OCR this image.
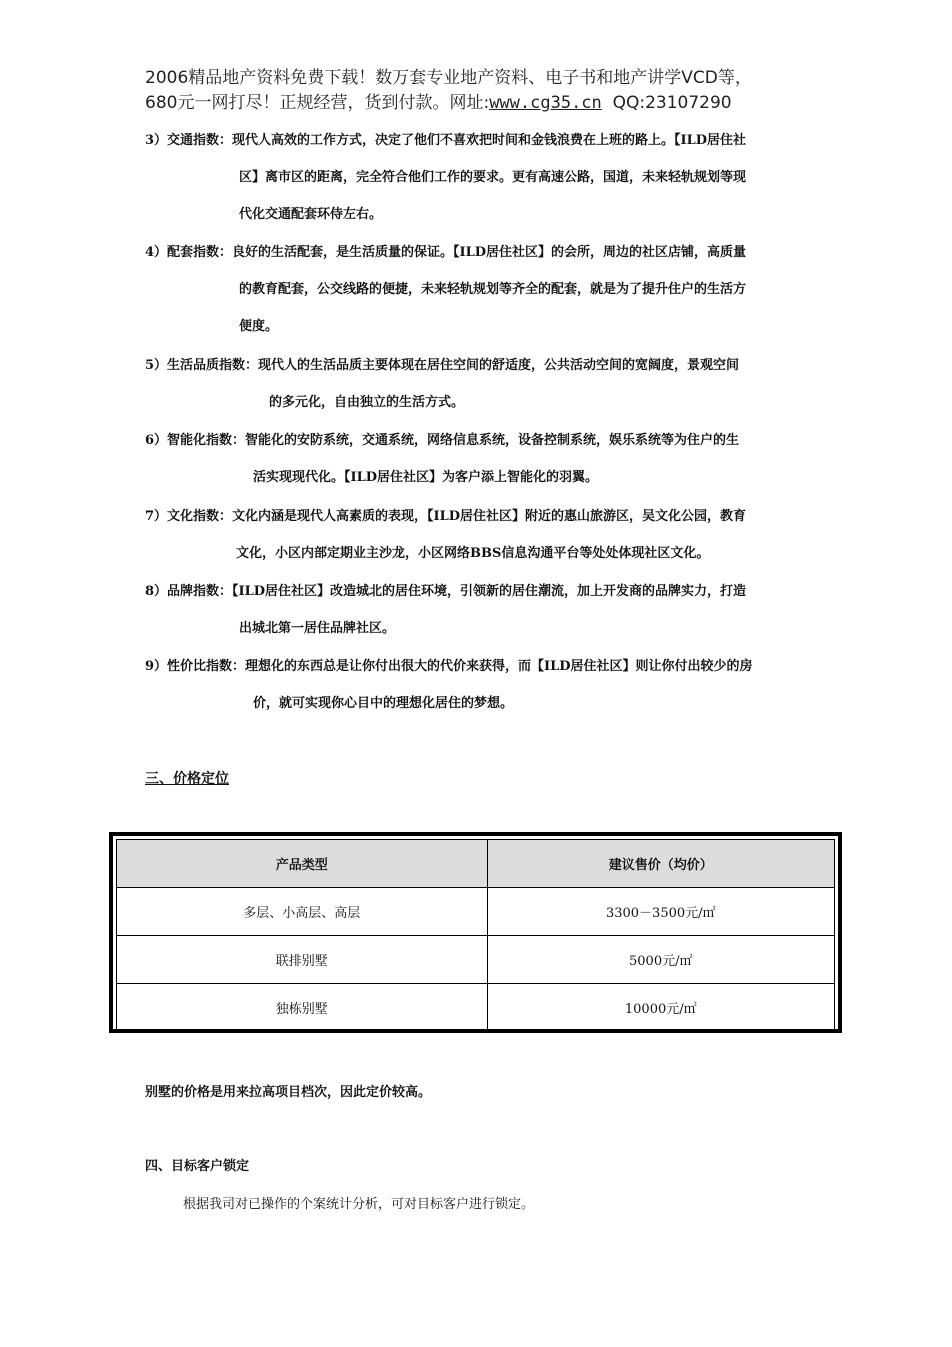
2006精品地产资料免费下载！数万套专业地产资料、电子书和地产讲学VCD等，
680元一网打尽！正规经营，货到付款。网址:www.cg35.cn QQ:23107290
3）交通指数：现代人高效的工作方式，决定了他们不喜欢把时间和金钱浪费在上班的路上。【ILD居住社
区】离市区的距离，完全符合他们工作的要求。更有高速公路，国道，未来轻轨规划等现
代化交通配套环侍左右。
4）配套指数：良好的生活配套，是生活质量的保证。【ILD居住社区】的会所，周边的社区店铺，高质量
的教育配套，公交线路的便捷，未来轻轨规划等齐全的配套，就是为了提升住户的生活方
便度。
5）生活品质指数：现代人的生活品质主要体现在居住空间的舒适度，公共活动空间的宽阔度，景观空间
的多元化，自由独立的生活方式。
6）智能化指数：智能化的安防系统，交通系统，网络信息系统，设备控制系统，娱乐系统等为住户的生
活实现现代化。【ILD居住社区】为客户添上智能化的羽翼。
7）文化指数：文化内涵是现代人高素质的表现，【ILD居住社区】附近的惠山旅游区，吴文化公园，教育
文化，小区内部定期业主沙龙，小区网络BBS信息沟通平台等处处体现社区文化。
8）品牌指数：【ILD居住社区】改造城北的居住环境，引领新的居住潮流，加上开发商的品牌实力，打造
出城北第一居住品牌社区。
9）性价比指数：理想化的东西总是让你付出很大的代价来获得，而【ILD居住社区】则让你付出较少的房
价，就可实现你心目中的理想化居住的梦想。
三、价格定位
产品类型	建议售价（均价）
多层、小高层、高层	3300－3500元/㎡
联排别墅	5000元/㎡
独栋别墅	10000元/㎡
别墅的价格是用来拉高项目档次，因此定价较高。
四、目标客户锁定
根据我司对已操作的个案统计分析，可对目标客户进行锁定。
